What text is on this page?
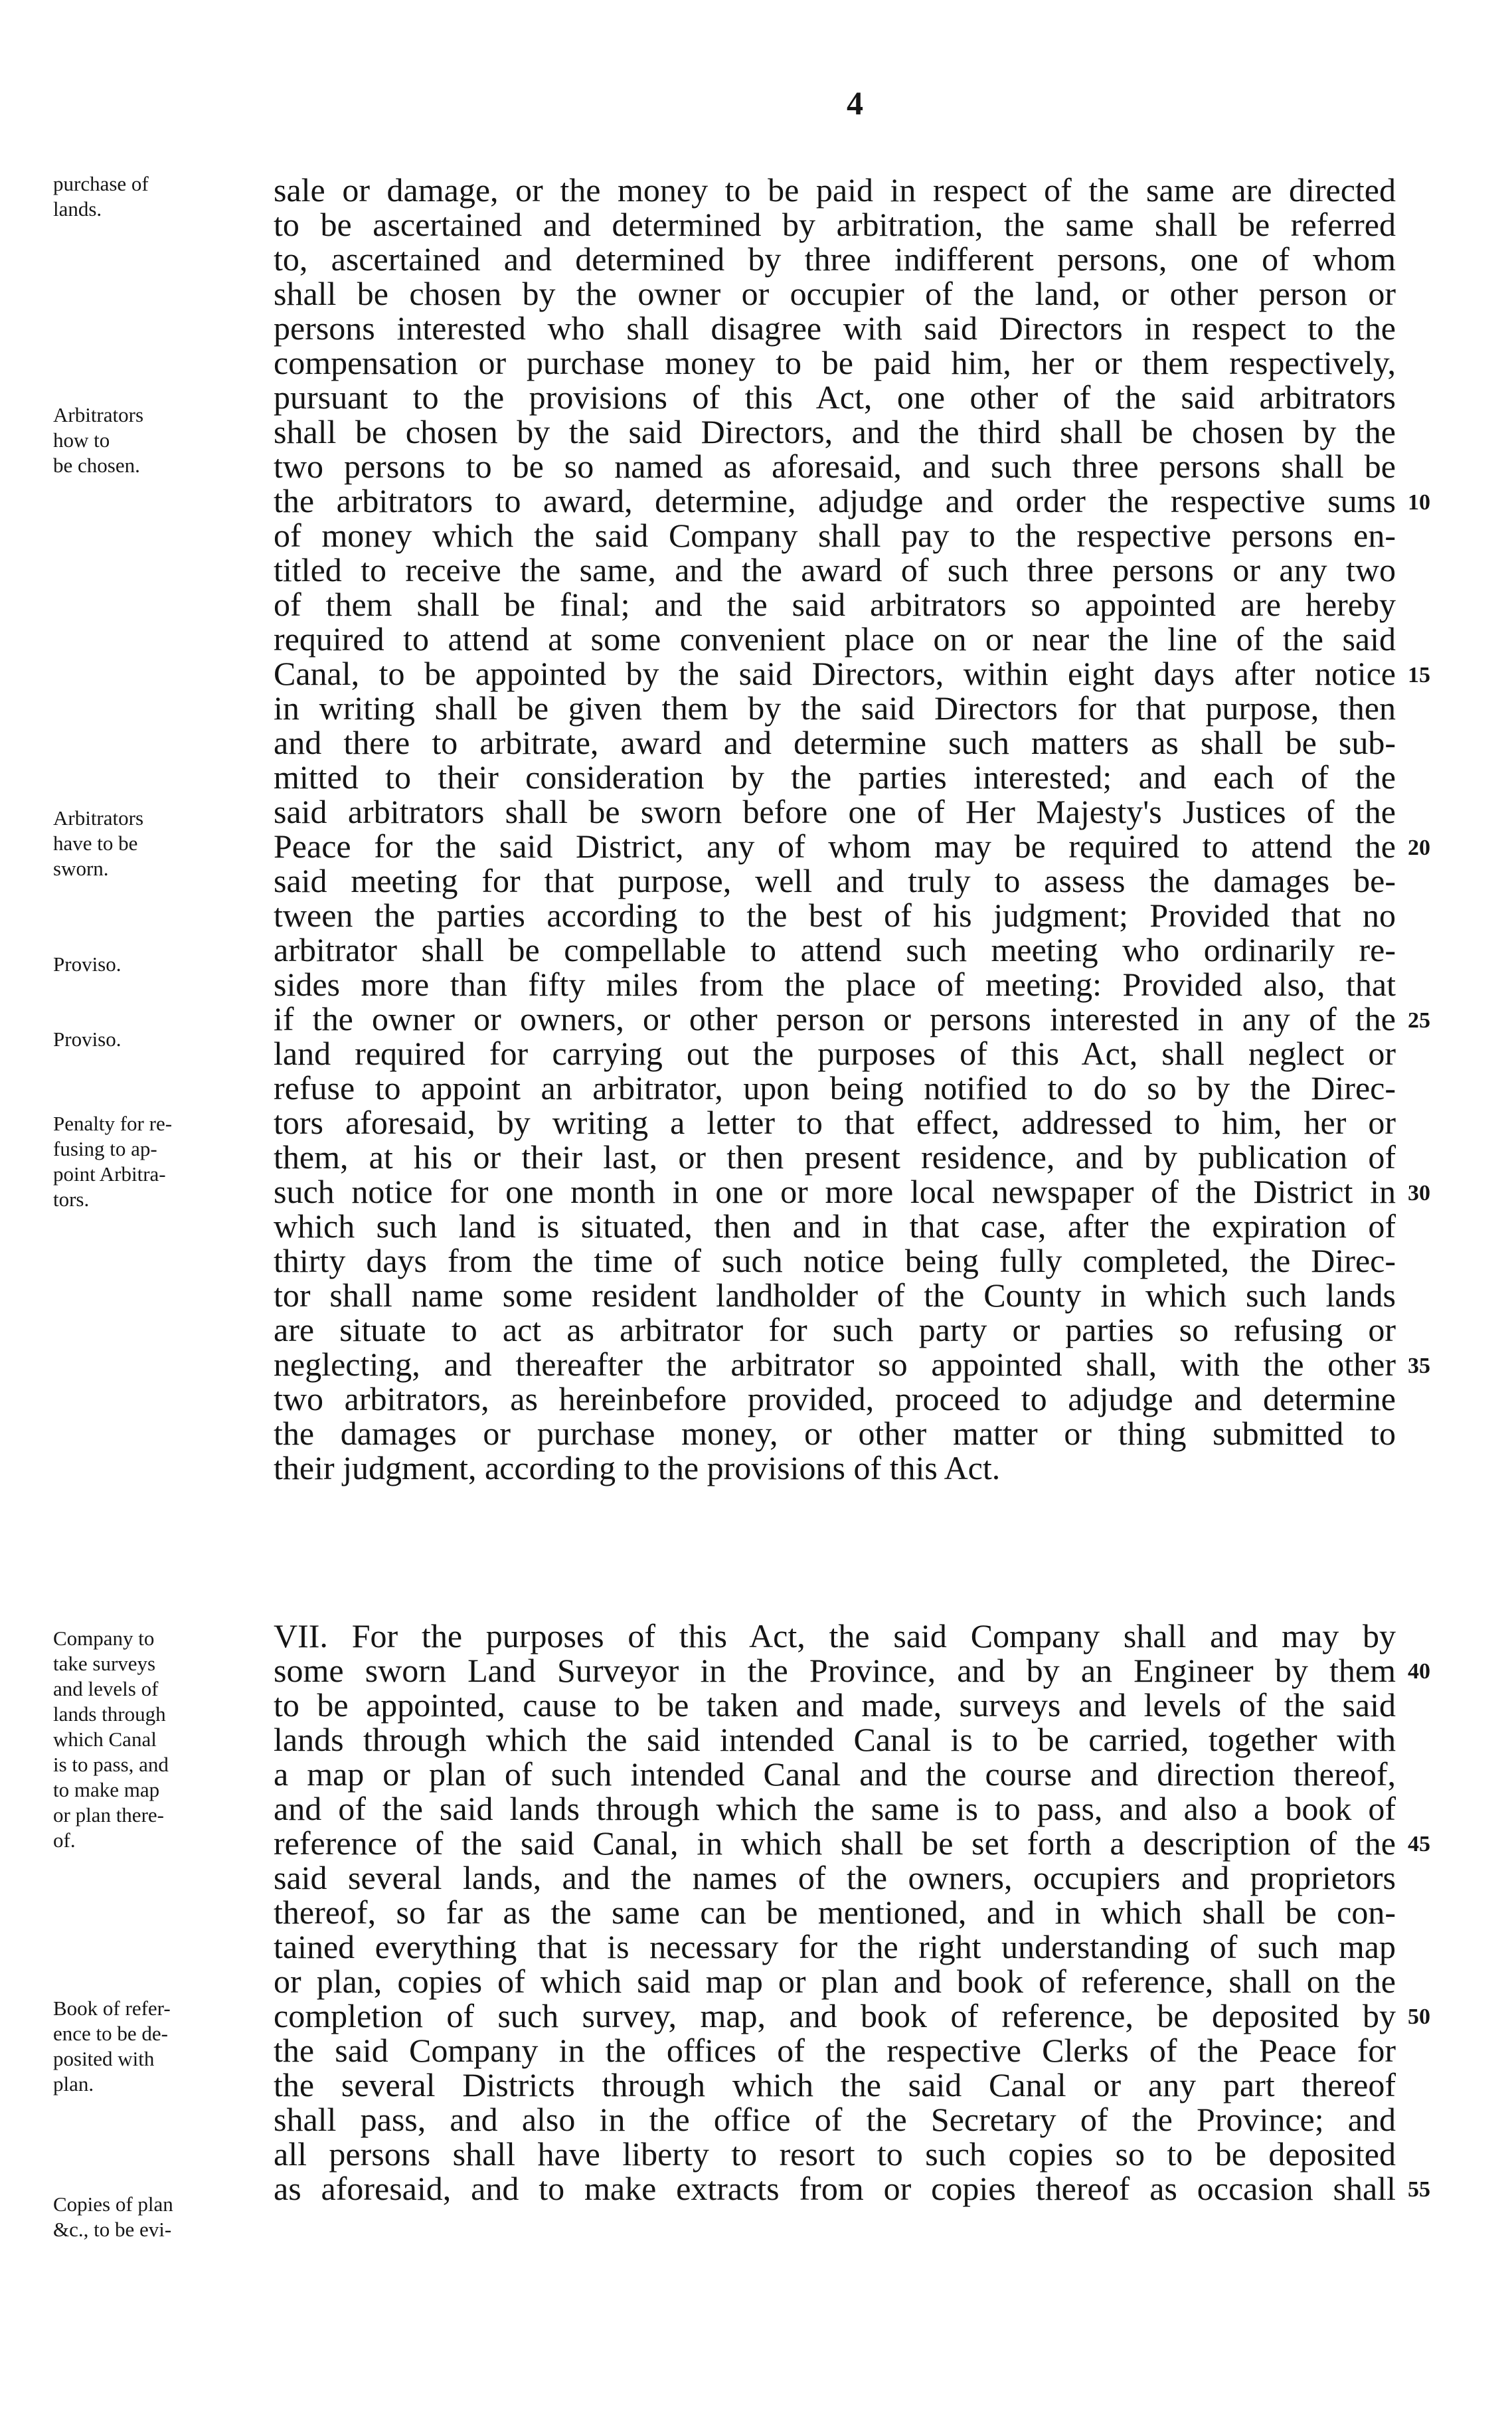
4
purchase of
lands.
Arbitrators
how to
be chosen.
Arbitrators
have to be
sworn.
Proviso.
Proviso.
Penalty for re-
fusing to ap-
point Arbitra-
tors.
Company to
take surveys
and levels of
lands through
which Canal
is to pass, and
to make map
or plan there-
of.
Book of refer-
ence to be de-
posited with
plan.
Copies of plan
&c., to be evi-
sale or damage, or the money to be paid in respect of the same are directed
to be ascertained and determined by arbitration, the same shall be referred
to, ascertained and determined by three indifferent persons, one of whom
shall be chosen by the owner or occupier of the land, or other person or
persons interested who shall disagree with said Directors in respect to the
compensation or purchase money to be paid him, her or them respectively,
pursuant to the provisions of this Act, one other of the said arbitrators
shall be chosen by the said Directors, and the third shall be chosen by the
two persons to be so named as aforesaid, and such three persons shall be
the arbitrators to award, determine, adjudge and order the respective sums
of money which the said Company shall pay to the respective persons en-
titled to receive the same, and the award of such three persons or any two
of them shall be final; and the said arbitrators so appointed are hereby
required to attend at some convenient place on or near the line of the said
Canal, to be appointed by the said Directors, within eight days after notice
in writing shall be given them by the said Directors for that purpose, then
and there to arbitrate, award and determine such matters as shall be sub-
mitted to their consideration by the parties interested; and each of the
said arbitrators shall be sworn before one of Her Majesty's Justices of the
Peace for the said District, any of whom may be required to attend the
said meeting for that purpose, well and truly to assess the damages be-
tween the parties according to the best of his judgment; Provided that no
arbitrator shall be compellable to attend such meeting who ordinarily re-
sides more than fifty miles from the place of meeting: Provided also, that
if the owner or owners, or other person or persons interested in any of the
land required for carrying out the purposes of this Act, shall neglect or
refuse to appoint an arbitrator, upon being notified to do so by the Direc-
tors aforesaid, by writing a letter to that effect, addressed to him, her or
them, at his or their last, or then present residence, and by publication of
such notice for one month in one or more local newspaper of the District in
which such land is situated, then and in that case, after the expiration of
thirty days from the time of such notice being fully completed, the Direc-
tor shall name some resident landholder of the County in which such lands
are situate to act as arbitrator for such party or parties so refusing or
neglecting, and thereafter the arbitrator so appointed shall, with the other
two arbitrators, as hereinbefore provided, proceed to adjudge and determine
the damages or purchase money, or other matter or thing submitted to
their judgment, according to the provisions of this Act.
VII. For the purposes of this Act, the said Company shall and may by
some sworn Land Surveyor in the Province, and by an Engineer by them
to be appointed, cause to be taken and made, surveys and levels of the said
lands through which the said intended Canal is to be carried, together with
a map or plan of such intended Canal and the course and direction thereof,
and of the said lands through which the same is to pass, and also a book of
reference of the said Canal, in which shall be set forth a description of the
said several lands, and the names of the owners, occupiers and proprietors
thereof, so far as the same can be mentioned, and in which shall be con-
tained everything that is necessary for the right understanding of such map
or plan, copies of which said map or plan and book of reference, shall on the
completion of such survey, map, and book of reference, be deposited by
the said Company in the offices of the respective Clerks of the Peace for
the several Districts through which the said Canal or any part thereof
shall pass, and also in the office of the Secretary of the Province; and
all persons shall have liberty to resort to such copies so to be deposited
as aforesaid, and to make extracts from or copies thereof as occasion shall
10
15
20
25
30
35
40
45
50
55
